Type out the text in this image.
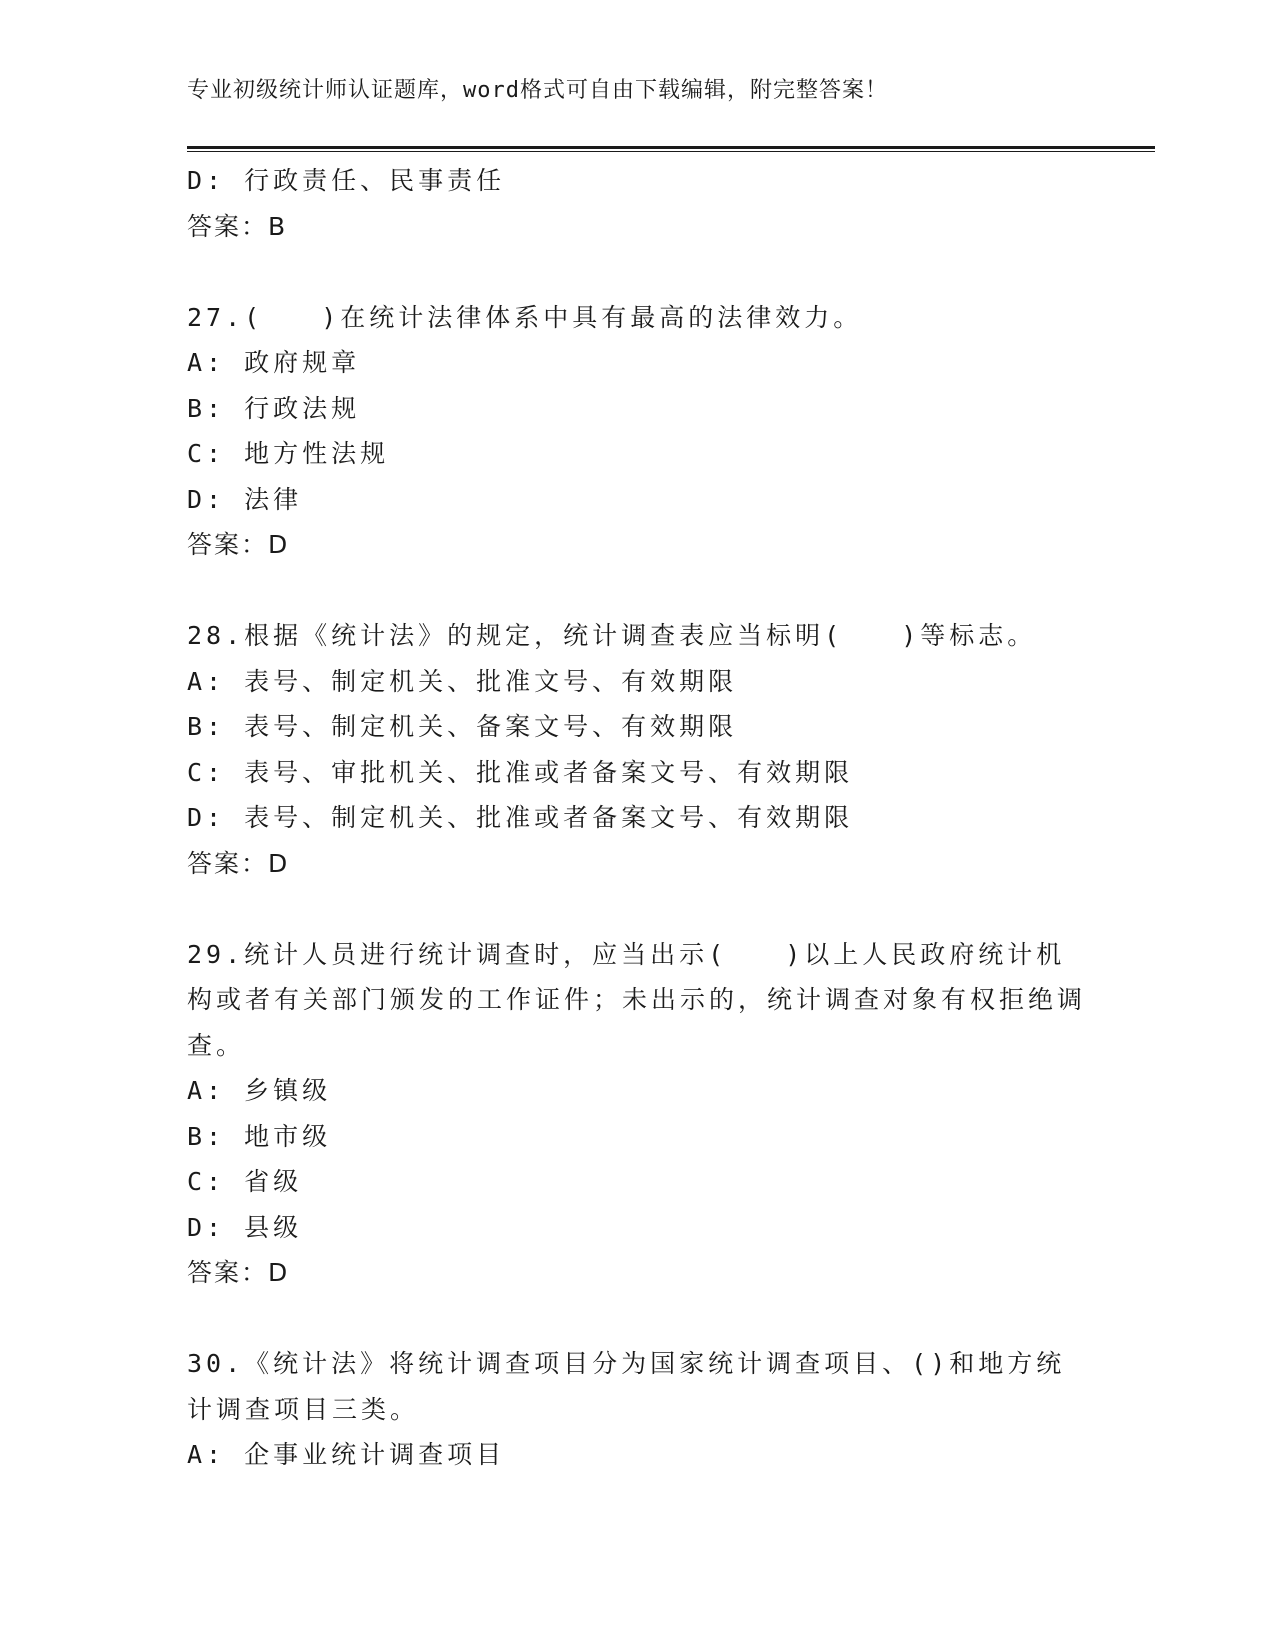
专业初级统计师认证题库，word格式可自由下载编辑，附完整答案！
D: 行政责任、民事责任
答案：B
27.(　　)在统计法律体系中具有最高的法律效力。
A: 政府规章
B: 行政法规
C: 地方性法规
D: 法律
答案：D
28.根据《统计法》的规定，统计调查表应当标明(　　)等标志。
A: 表号、制定机关、批准文号、有效期限
B: 表号、制定机关、备案文号、有效期限
C: 表号、审批机关、批准或者备案文号、有效期限
D: 表号、制定机关、批准或者备案文号、有效期限
答案：D
29.统计人员进行统计调查时，应当出示(　　)以上人民政府统计机构或者有关部门颁发的工作证件；未出示的，统计调查对象有权拒绝调查。
A: 乡镇级
B: 地市级
C: 省级
D: 县级
答案：D
30.《统计法》将统计调查项目分为国家统计调查项目、()和地方统计调查项目三类。
A: 企事业统计调查项目
